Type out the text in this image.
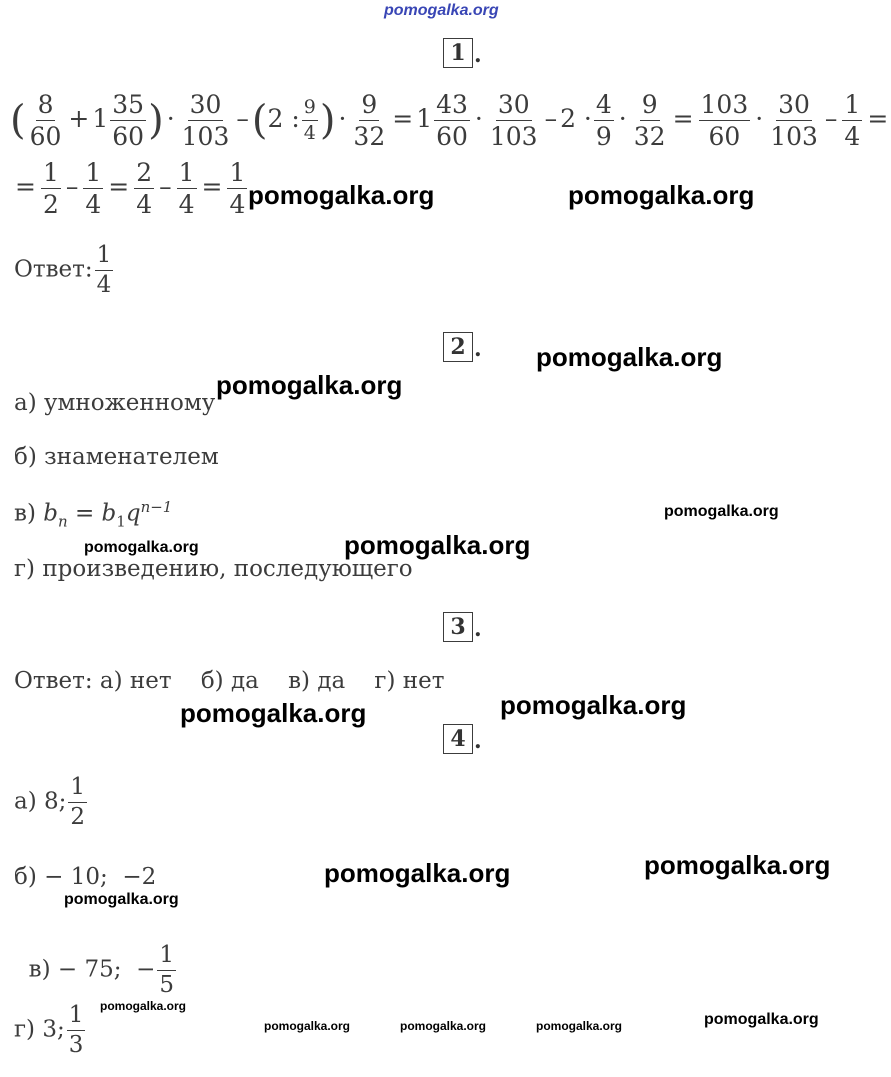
pomogalka.org
1 .
( $\frac{8}{60} + 1 \frac{35}{60}$ ) · $\frac{30}{103} -(2$ : $\frac{9}{4}$ ) · $\frac{9}{32} = 1 \frac{43}{60} \cdot \frac{30}{103} - 2 \cdot \frac{4}{9} \cdot \frac{9}{32} = \frac{103}{60} \cdot \frac{30}{103} - \frac{1}{4}$ =
= $\frac{1}{2} - \frac{1}{4} = \frac{2}{4} - \frac{1}{4} = \frac{1}{4}$
Ответ: $\frac{1}{4}$
2 .
а) умноженному
б) знаменателем
в) $b_n = b_1q^{n-1}$
г) произведению, последующего
3 .
Ответ: а) нет    б) да    в) да    г) нет
4 .
а) 8; $\frac{1}{2}$
б) − 10;  −2

в) − 75;  − $\frac{1}{5}$

г) 3; $\frac{1}{3}$
pomogalka.org	pomogalka.org
pomogalka.org
pomogalka.org
pomogalka.org
pomogalka.org	pomogalka.org
pomogalka.org	pomogalka.org
pomogalka.org	pomogalka.org
pomogalka.org
pomogalka.org
pomogalka.org	pomogalka.org	pomogalka.org	pomogalka.org
